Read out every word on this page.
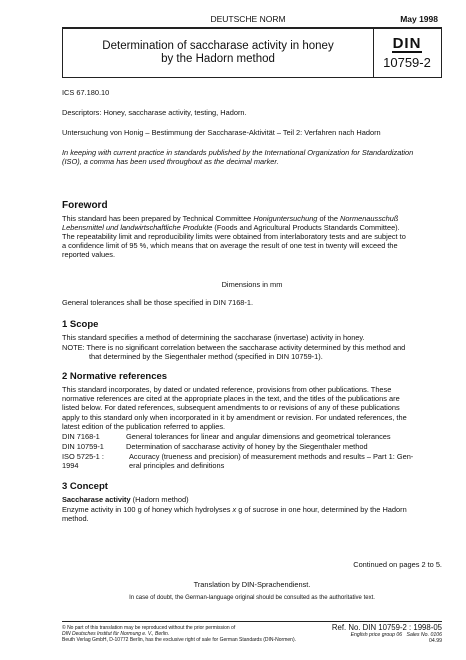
DEUTSCHE NORM	May 1998
Determination of saccharase activity in honey
by the Hadorn method
DIN
10759-2
ICS 67.180.10
Descriptors: Honey, saccharase activity, testing, Hadorn.
Untersuchung von Honig – Bestimmung der Saccharase-Aktivität – Teil 2: Verfahren nach Hadorn
In keeping with current practice in standards published by the International Organization for Standardization
(ISO), a comma has been used throughout as the decimal marker.
Foreword
This standard has been prepared by Technical Committee Honiguntersuchung of the Normenausschuß
Lebensmittel und landwirtschaftliche Produkte (Foods and Agricultural Products Standards Committee).
The repeatability limit and reproducibility limits were obtained from interlaboratory tests and are subject to
a confidence limit of 95 %, which means that on average the result of one test in twenty will exceed the
reported values.
Dimensions in mm
General tolerances shall be those specified in DIN 7168-1.
1 Scope
This standard specifies a method of determining the saccharase (invertase) activity in honey.
NOTE: There is no significant correlation between the saccharase activity determined by this method and
that determined by the Siegenthaler method (specified in DIN 10759-1).
2 Normative references
This standard incorporates, by dated or undated reference, provisions from other publications. These
normative references are cited at the appropriate places in the text, and the titles of the publications are
listed below. For dated references, subsequent amendments to or revisions of any of these publications
apply to this standard only when incorporated in it by amendment or revision. For undated references, the
latest edition of the publication referred to applies.
DIN 7168-1	General tolerances for linear and angular dimensions and geometrical tolerances
DIN 10759-1	Determination of saccharase activity of honey by the Siegenthaler method
ISO 5725-1 : 1994
Accuracy (trueness and precision) of measurement methods and results – Part 1: Gen-
eral principles and definitions
3 Concept
Saccharase activity (Hadorn method)
Enzyme activity in 100 g of honey which hydrolyses x g of sucrose in one hour, determined by the Hadorn
method.
Continued on pages 2 to 5.
Translation by DIN-Sprachendienst.
In case of doubt, the German-language original should be consulted as the authoritative text.
© No part of this translation may be reproduced without the prior permission of
DIN Deutsches Institut für Normung e. V., Berlin.
Beuth Verlag GmbH, D-10772 Berlin, has the exclusive right of sale for German Standards (DIN-Normen).
Ref. No. DIN 10759-2 : 1998-05
English price group 06 Sales No. 0106
04.99
